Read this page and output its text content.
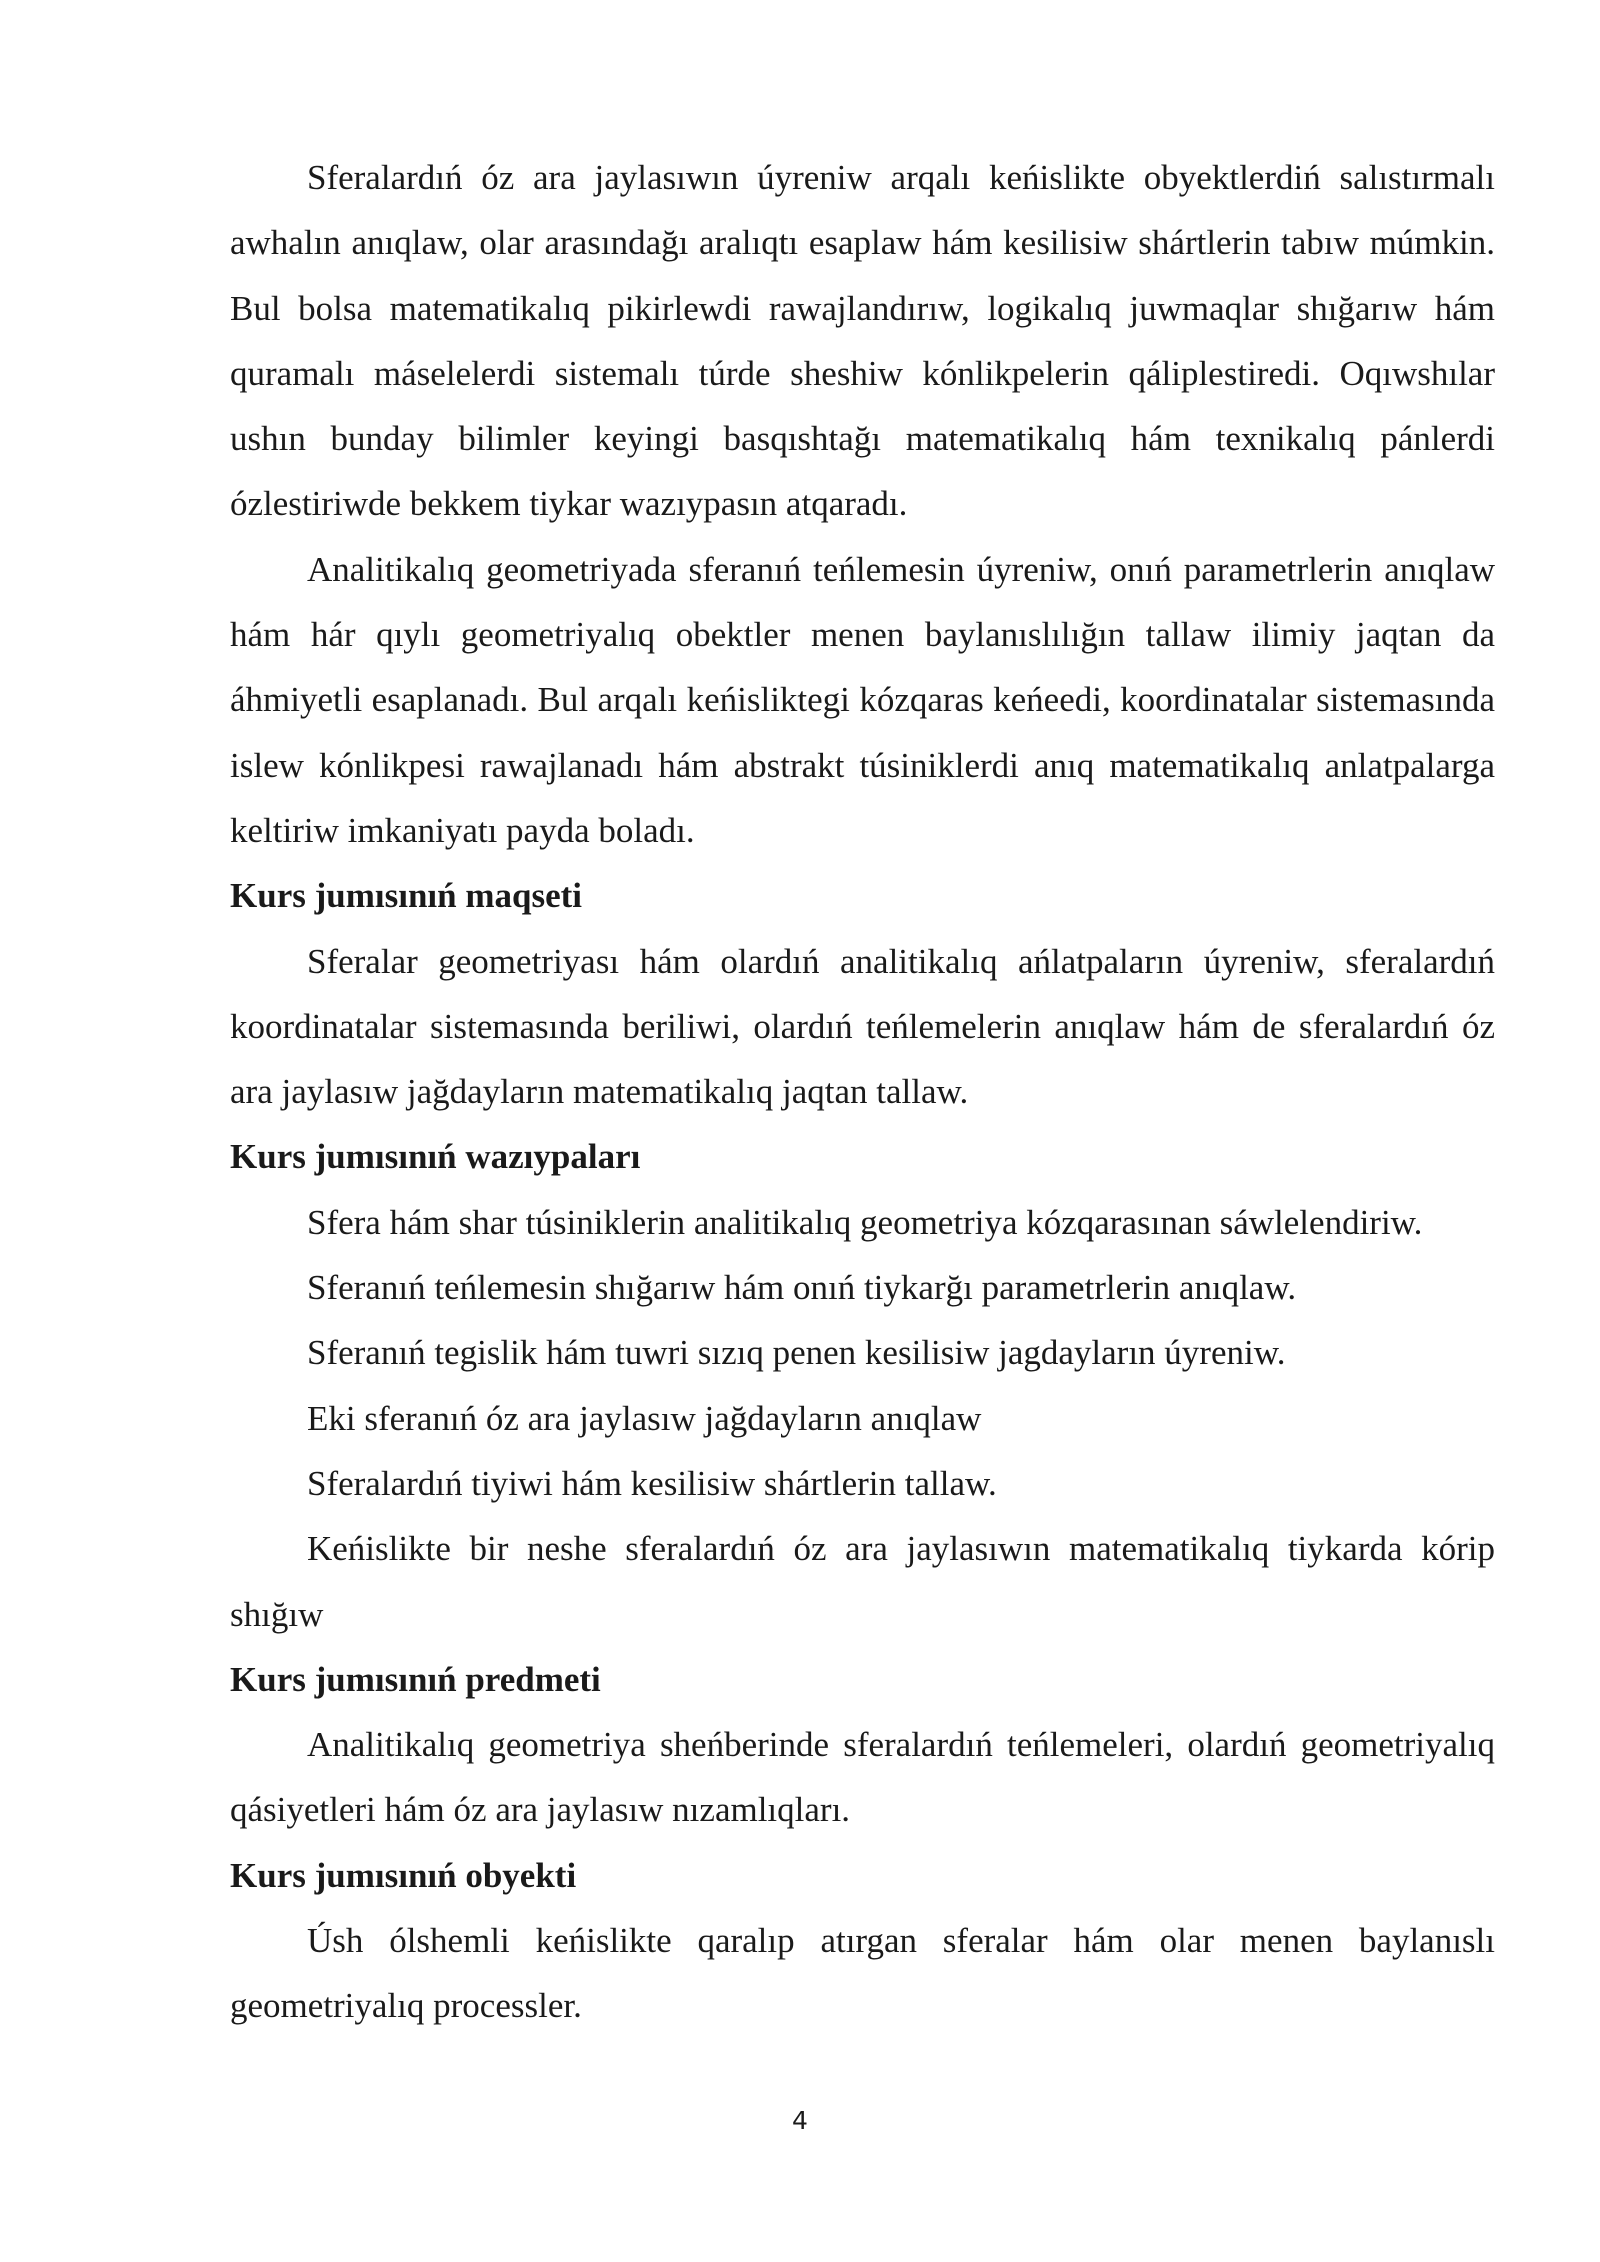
Sferalardıń óz ara jaylasıwın úyreniw arqalı keńislikte obyektlerdiń salıstırmalı awhalın anıqlaw, olar arasındağı aralıqtı esaplaw hám kesilisiw shártlerin tabıw múmkin. Bul bolsa matematikalıq pikirlewdi rawajlandırıw, logikalıq juwmaqlar shığarıw hám quramalı máselelerdi sistemalı túrde sheshiw kónlikpelerin qáliplestiredi. Oqıwshılar ushın bunday bilimler keyingi basqıshtağı matematikalıq hám texnikalıq pánlerdi ózlestiriwde bekkem tiykar wazıypasın atqaradı.

Analitikalıq geometriyada sferanıń teńlemesin úyreniw, onıń parametrlerin anıqlaw hám hár qıylı geometriyalıq obektler menen baylanıslılığın tallaw ilimiy jaqtan da áhmiyetli esaplanadı. Bul arqalı keńisliktegi kózqaras keńeedi, koordinatalar sistemasında islew kónlikpesi rawajlanadı hám abstrakt túsiniklerdi anıq matematikalıq anlatpalarga keltiriw imkaniyatı payda boladı.

Kurs jumısınıń maqseti

Sferalar geometriyası hám olardıń analitikalıq ańlatpaların úyreniw, sferalardıń koordinatalar sistemasında beriliwi, olardıń teńlemelerin anıqlaw hám de sferalardıń óz ara jaylasıw jağdayların matematikalıq jaqtan tallaw.

Kurs jumısınıń wazıypaları

Sfera hám shar túsiniklerin analitikalıq geometriya kózqarasınan sáwlelendiriw.

Sferanıń teńlemesin shığarıw hám onıń tiykarğı parametrlerin anıqlaw.

Sferanıń tegislik hám tuwri sızıq penen kesilisiw jagdayların úyreniw.

Eki sferanıń óz ara jaylasıw jağdayların anıqlaw

Sferalardıń tiyiwi hám kesilisiw shártlerin tallaw.

Keńislikte bir neshe sferalardıń óz ara jaylasıwın matematikalıq tiykarda kórip shığıw

Kurs jumısınıń predmeti

Analitikalıq geometriya sheńberinde sferalardıń teńlemeleri, olardıń geometriyalıq qásiyetleri hám óz ara jaylasıw nızamlıqları.

Kurs jumısınıń obyekti

Úsh ólshemli keńislikte qaralıp atırgan sferalar hám olar menen baylanıslı geometriyalıq processler.

4
